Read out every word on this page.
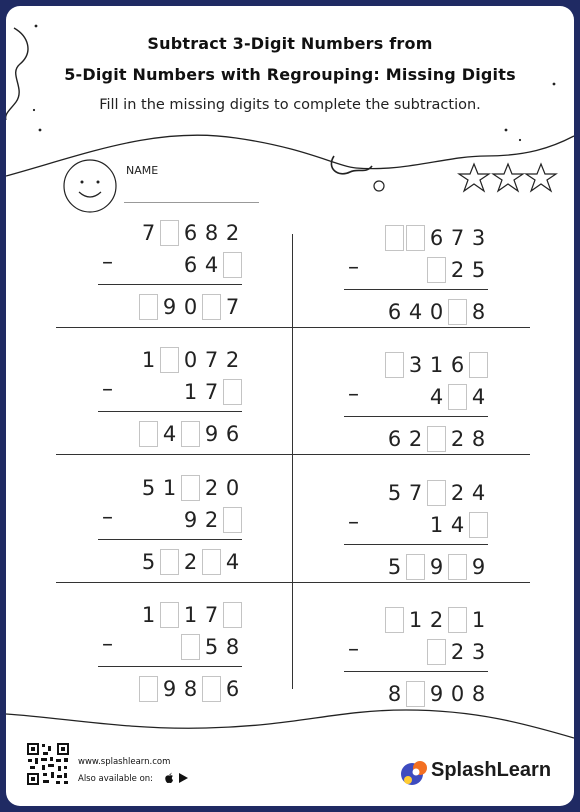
Subtract 3-Digit Numbers from
5-Digit Numbers with Regrouping: Missing Digits
Fill in the missing digits to complete the subtraction.
NAME
www.splashlearn.com
Also available on:	SplashLearn
7 6 8 2
6 4
–
9 0 7
6 7 3
2 5
–
6 4 0 8
1 0 7 2
1 7
–
4 9 6
3 1 6
4 4
–
6 2 2 8
5 1 2 0
9 2
–
5 2 4
5 7 2 4
1 4
–
5 9 9
1 1 7
5 8
–
9 8 6
1 2 1
2 3
–
8 9 0 8
